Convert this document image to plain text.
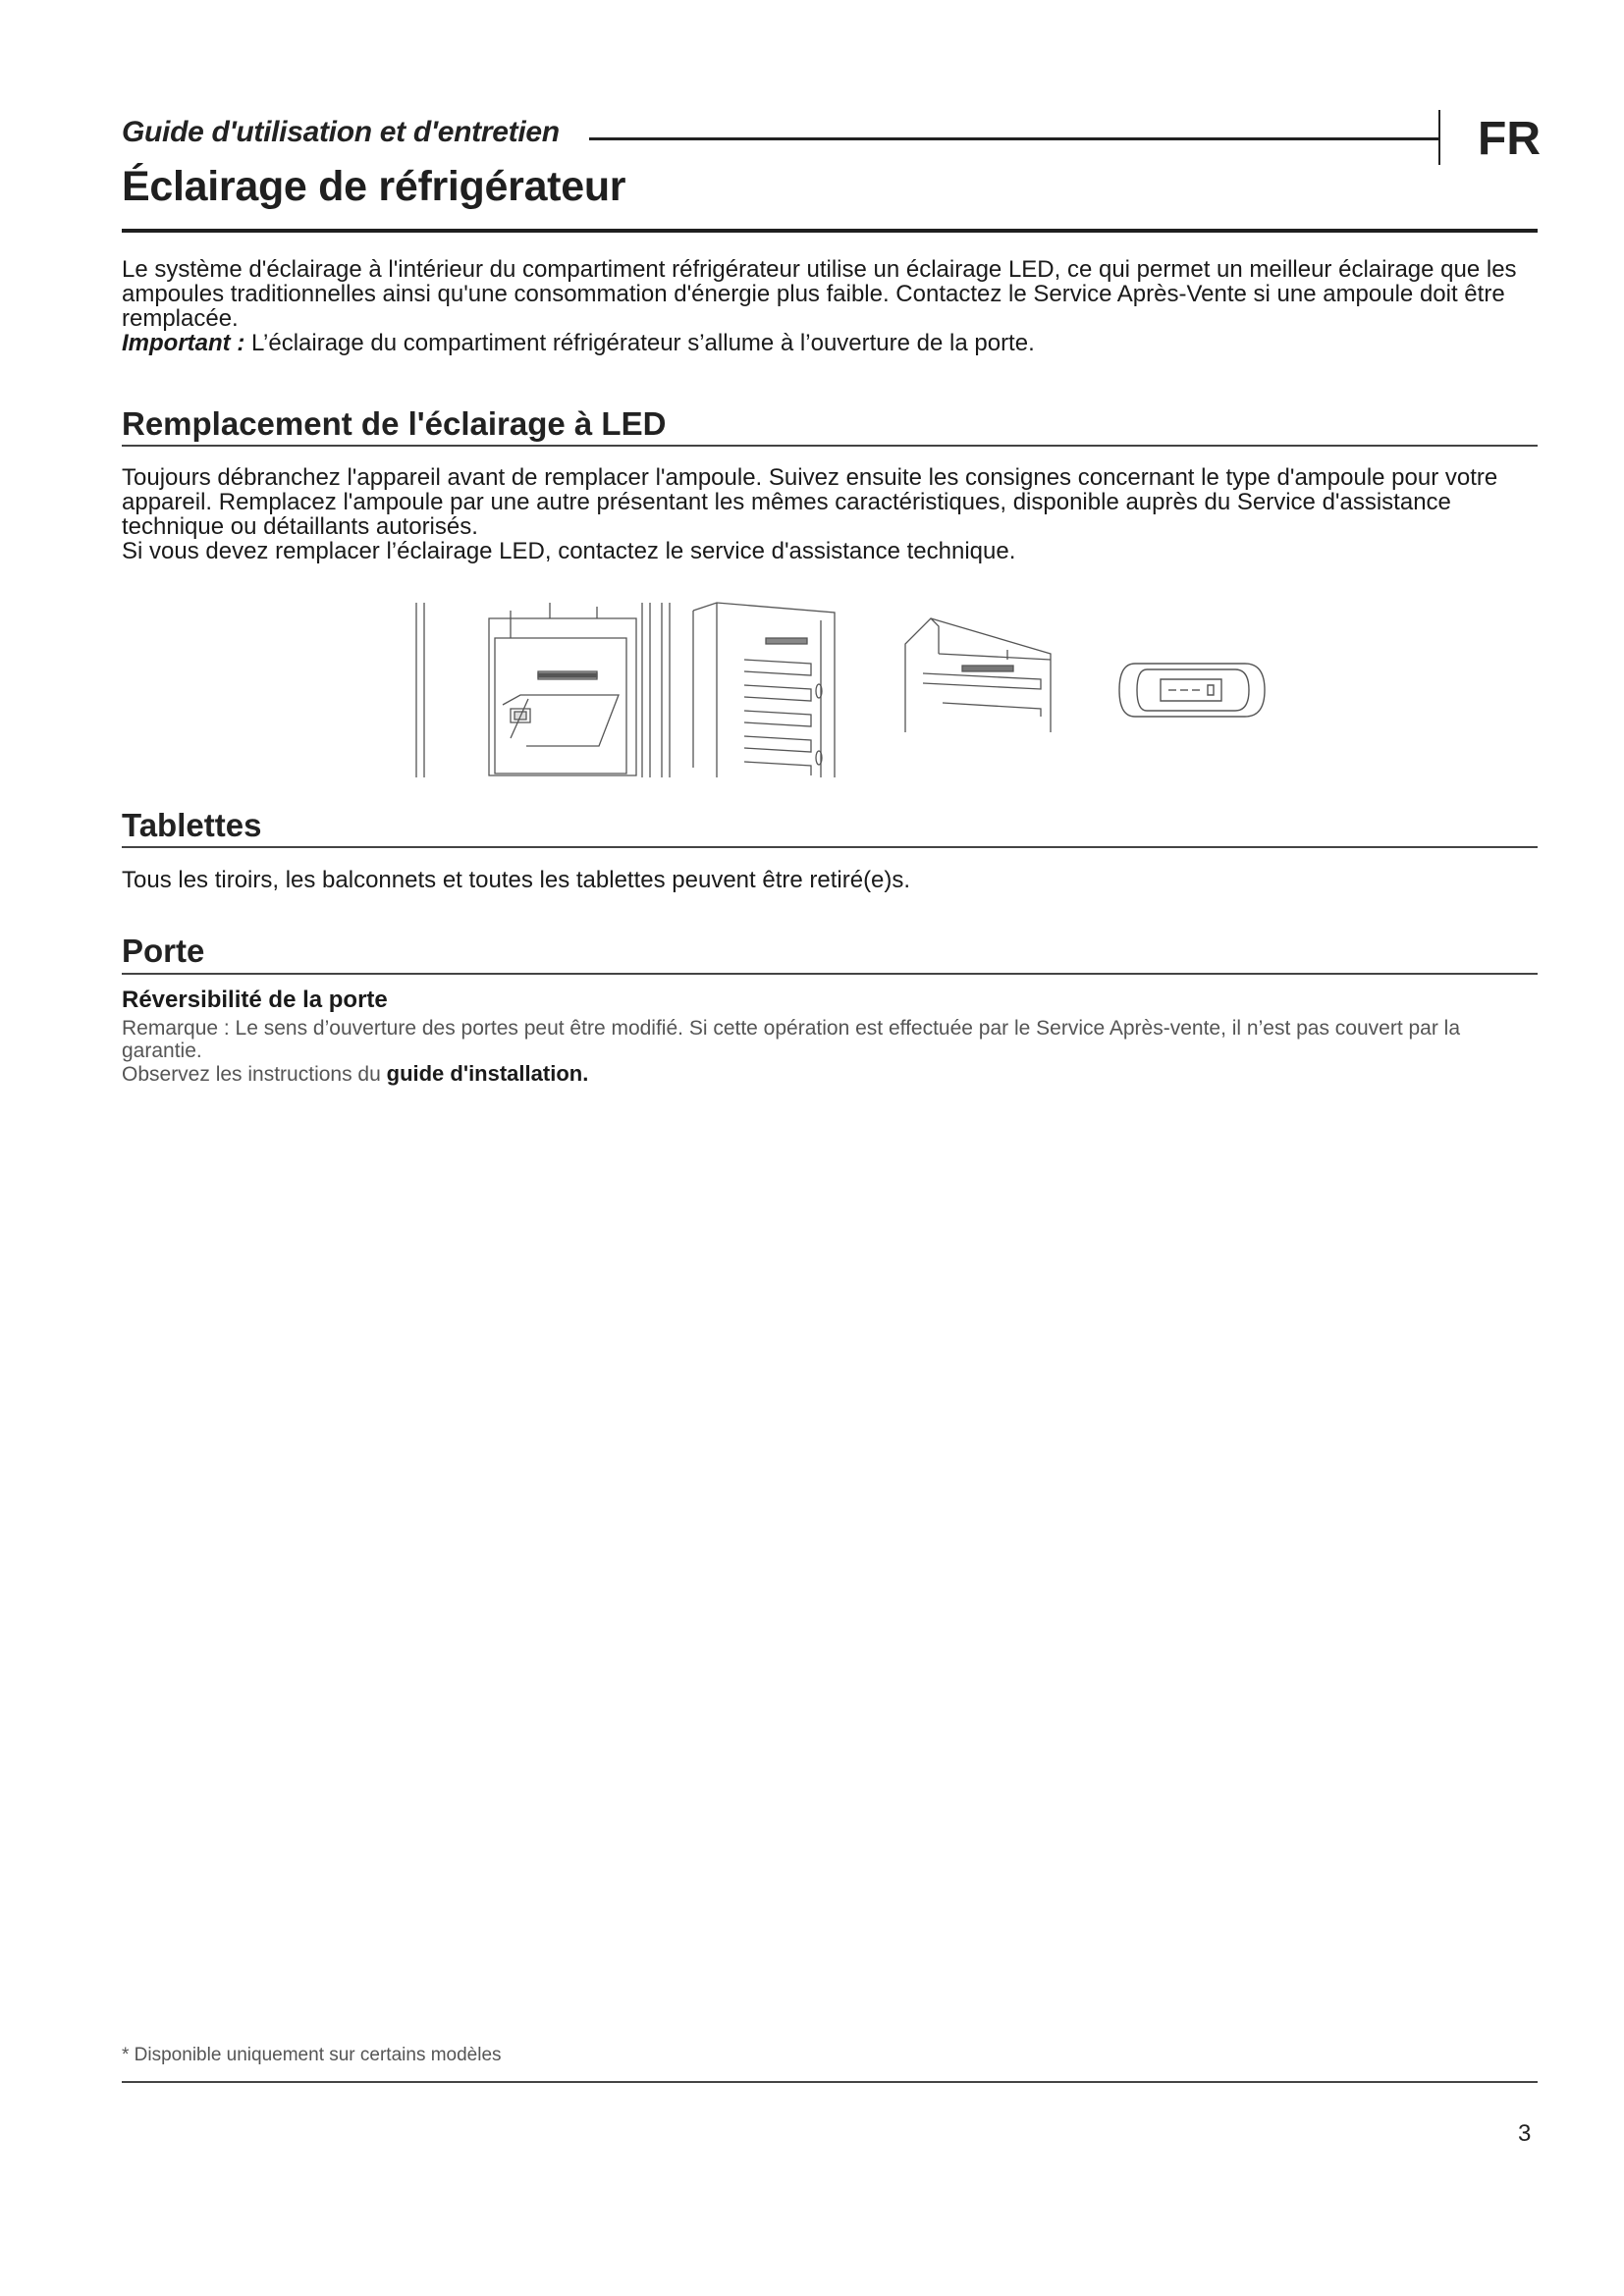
Guide d'utilisation et d'entretien	FR
Éclairage de réfrigérateur

Le système d'éclairage à l'intérieur du compartiment réfrigérateur utilise un éclairage LED, ce qui permet un meilleur éclairage que les ampoules traditionnelles ainsi qu'une consommation d'énergie plus faible. Contactez le Service Après-Vente si une ampoule doit être remplacée.
Important : L’éclairage du compartiment réfrigérateur s’allume à l’ouverture de la porte.

Remplacement de l'éclairage à LED

Toujours débranchez l'appareil avant de remplacer l'ampoule. Suivez ensuite les consignes concernant le type d'ampoule pour votre appareil. Remplacez l'ampoule par une autre présentant les mêmes caractéristiques, disponible auprès du Service d'assistance technique ou détaillants autorisés.
Si vous devez remplacer l’éclairage LED, contactez le service d'assistance technique.

Tablettes

Tous les tiroirs, les balconnets et toutes les tablettes peuvent être retiré(e)s.

Porte
Réversibilité de la porte

Remarque : Le sens d’ouverture des portes peut être modifié. Si cette opération est effectuée par le Service Après-vente, il n’est pas couvert par la garantie.
Observez les instructions du guide d'installation.

* Disponible uniquement sur certains modèles
3
